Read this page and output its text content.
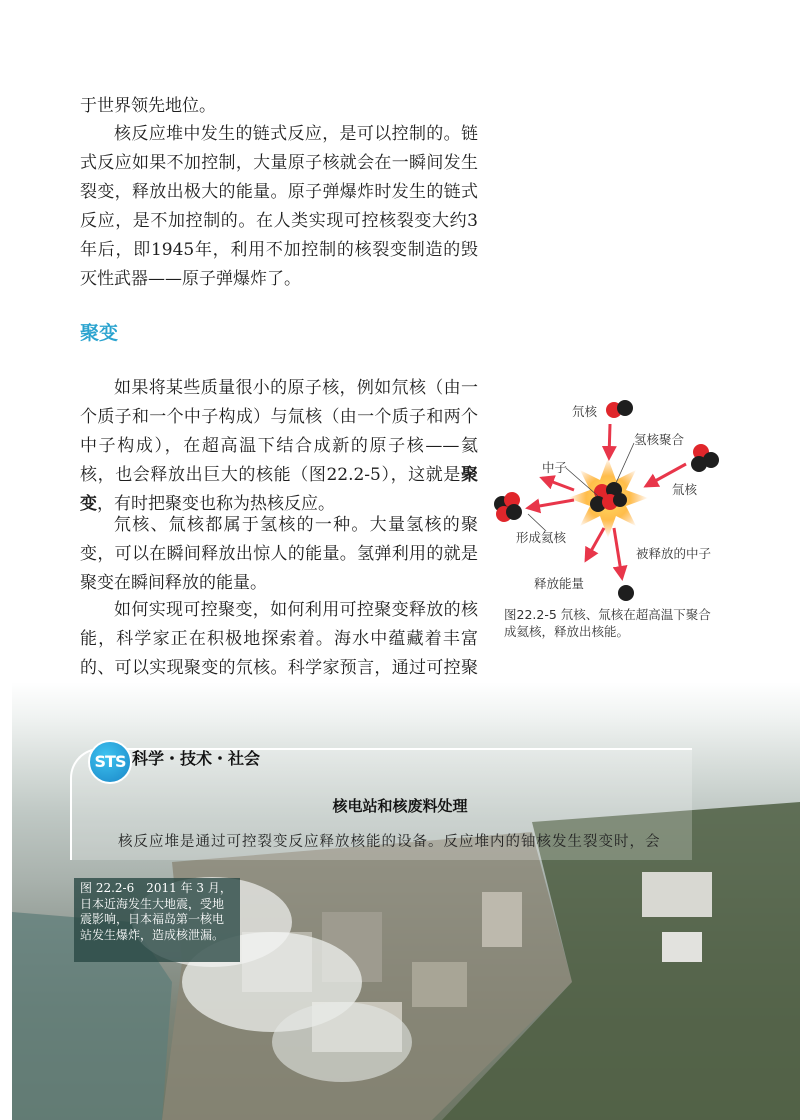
于世界领先地位。

核反应堆中发生的链式反应，是可以控制的。链式反应如果不加控制，大量原子核就会在一瞬间发生裂变，释放出极大的能量。原子弹爆炸时发生的链式反应，是不加控制的。在人类实现可控核裂变大约3年后，即1945年，利用不加控制的核裂变制造的毁灭性武器——原子弹爆炸了。

聚变

如果将某些质量很小的原子核，例如氘核（由一个质子和一个中子构成）与氚核（由一个质子和两个中子构成），在超高温下结合成新的原子核——氦核，也会释放出巨大的核能（图22.2-5），这就是聚变，有时把聚变也称为热核反应。

氘核、氚核都属于氢核的一种。大量氢核的聚变，可以在瞬间释放出惊人的能量。氢弹利用的就是聚变在瞬间释放的能量。

如何实现可控聚变，如何利用可控聚变释放的核能，科学家正在积极地探索着。海水中蕴藏着丰富的、可以实现聚变的氘核。科学家预言，通过可控聚

氘核
氢核聚合
中子
氚核
形成氦核
被释放的中子
释放能量
图22.2-5 氘核、氚核在超高温下聚合成氦核，释放出核能。
STS 科学・技术・社会
核电站和核废料处理
核反应堆是通过可控裂变反应释放核能的设备。反应堆内的铀核发生裂变时，会
图 22.2-6　2011 年 3 月，日本近海发生大地震，受地震影响，日本福岛第一核电站发生爆炸，造成核泄漏。
